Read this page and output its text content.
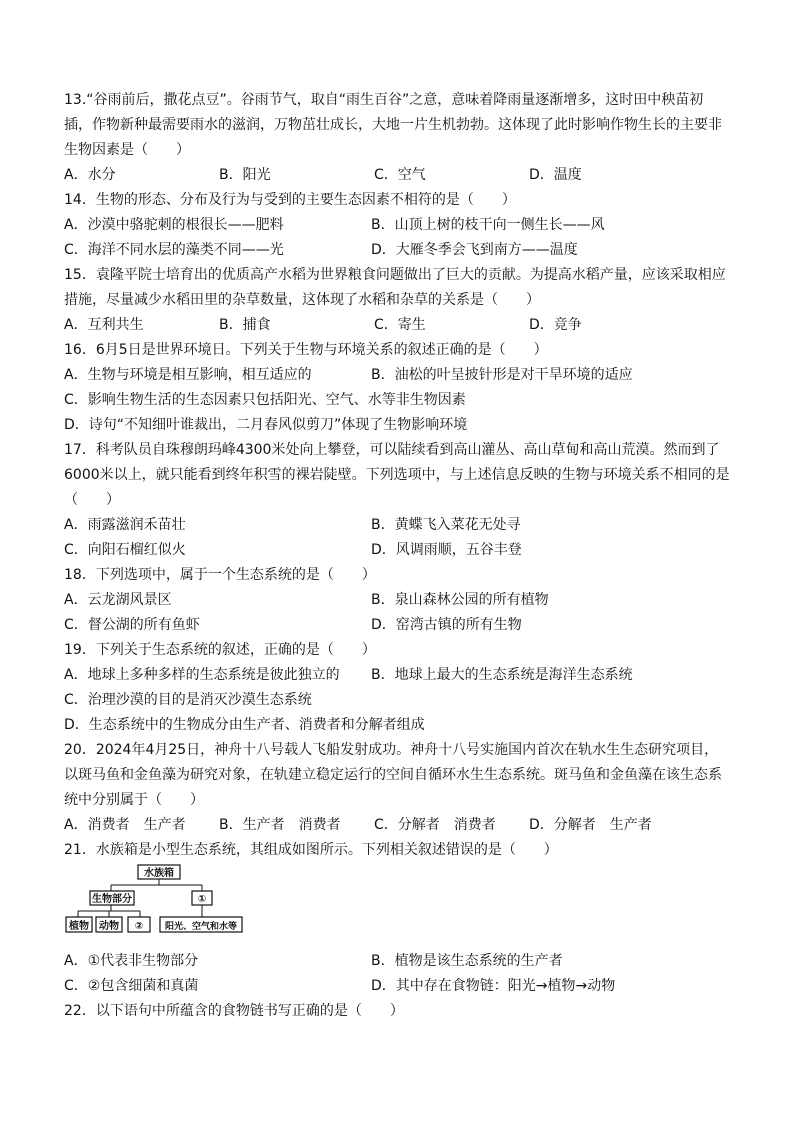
13.“谷雨前后，撒花点豆”。谷雨节气，取自“雨生百谷”之意，意味着降雨量逐渐增多，这时田中秧苗初
插，作物新种最需要雨水的滋润，万物茁壮成长，大地一片生机勃勃。这体现了此时影响作物生长的主要非
生物因素是（　　）
A．水分	B．阳光	C．空气	D．温度
14．生物的形态、分布及行为与受到的主要生态因素不相符的是（　　）
A．沙漠中骆驼刺的根很长——肥料	B．山顶上树的枝干向一侧生长——风
C．海洋不同水层的藻类不同——光	D．大雁冬季会飞到南方——温度
15．袁隆平院士培育出的优质高产水稻为世界粮食问题做出了巨大的贡献。为提高水稻产量，应该采取相应
措施，尽量减少水稻田里的杂草数量，这体现了水稻和杂草的关系是（　　）
A．互利共生	B．捕食	C．寄生	D．竞争
16．6月5日是世界环境日。下列关于生物与环境关系的叙述正确的是（　　）
A．生物与环境是相互影响，相互适应的	B．油松的叶呈披针形是对干旱环境的适应
C．影响生物生活的生态因素只包括阳光、空气、水等非生物因素
D．诗句“不知细叶谁裁出，二月春风似剪刀”体现了生物影响环境
17．科考队员自珠穆朗玛峰4300米处向上攀登，可以陆续看到高山灌丛、高山草甸和高山荒漠。然而到了
6000米以上，就只能看到终年积雪的裸岩陡壁。下列选项中，与上述信息反映的生物与环境关系不相同的是
（　　）
A．雨露滋润禾苗壮	B．黄蝶飞入菜花无处寻
C．向阳石榴红似火	D．风调雨顺，五谷丰登
18．下列选项中，属于一个生态系统的是（　　）
A．云龙湖风景区	B．泉山森林公园的所有植物
C．督公湖的所有鱼虾	D．窑湾古镇的所有生物
19．下列关于生态系统的叙述，正确的是（　　）
A．地球上多种多样的生态系统是彼此独立的	B．地球上最大的生态系统是海洋生态系统
C．治理沙漠的目的是消灭沙漠生态系统
D．生态系统中的生物成分由生产者、消费者和分解者组成
20．2024年4月25日，神舟十八号载人飞船发射成功。神舟十八号实施国内首次在轨水生生态研究项目，
以斑马鱼和金鱼藻为研究对象，在轨建立稳定运行的空间自循环水生生态系统。斑马鱼和金鱼藻在该生态系
统中分别属于（　　）
A．消费者　生产者	B．生产者　消费者	C．分解者　消费者	D．分解者　生产者
21．水族箱是小型生态系统，其组成如图所示。下列相关叙述错误的是（　　）
水族箱
生物部分	①
植物 动物 ② 阳光、空气和水等
A．①代表非生物部分	B．植物是该生态系统的生产者
C．②包含细菌和真菌	D．其中存在食物链：阳光→植物→动物
22．以下语句中所蕴含的食物链书写正确的是（　　）
